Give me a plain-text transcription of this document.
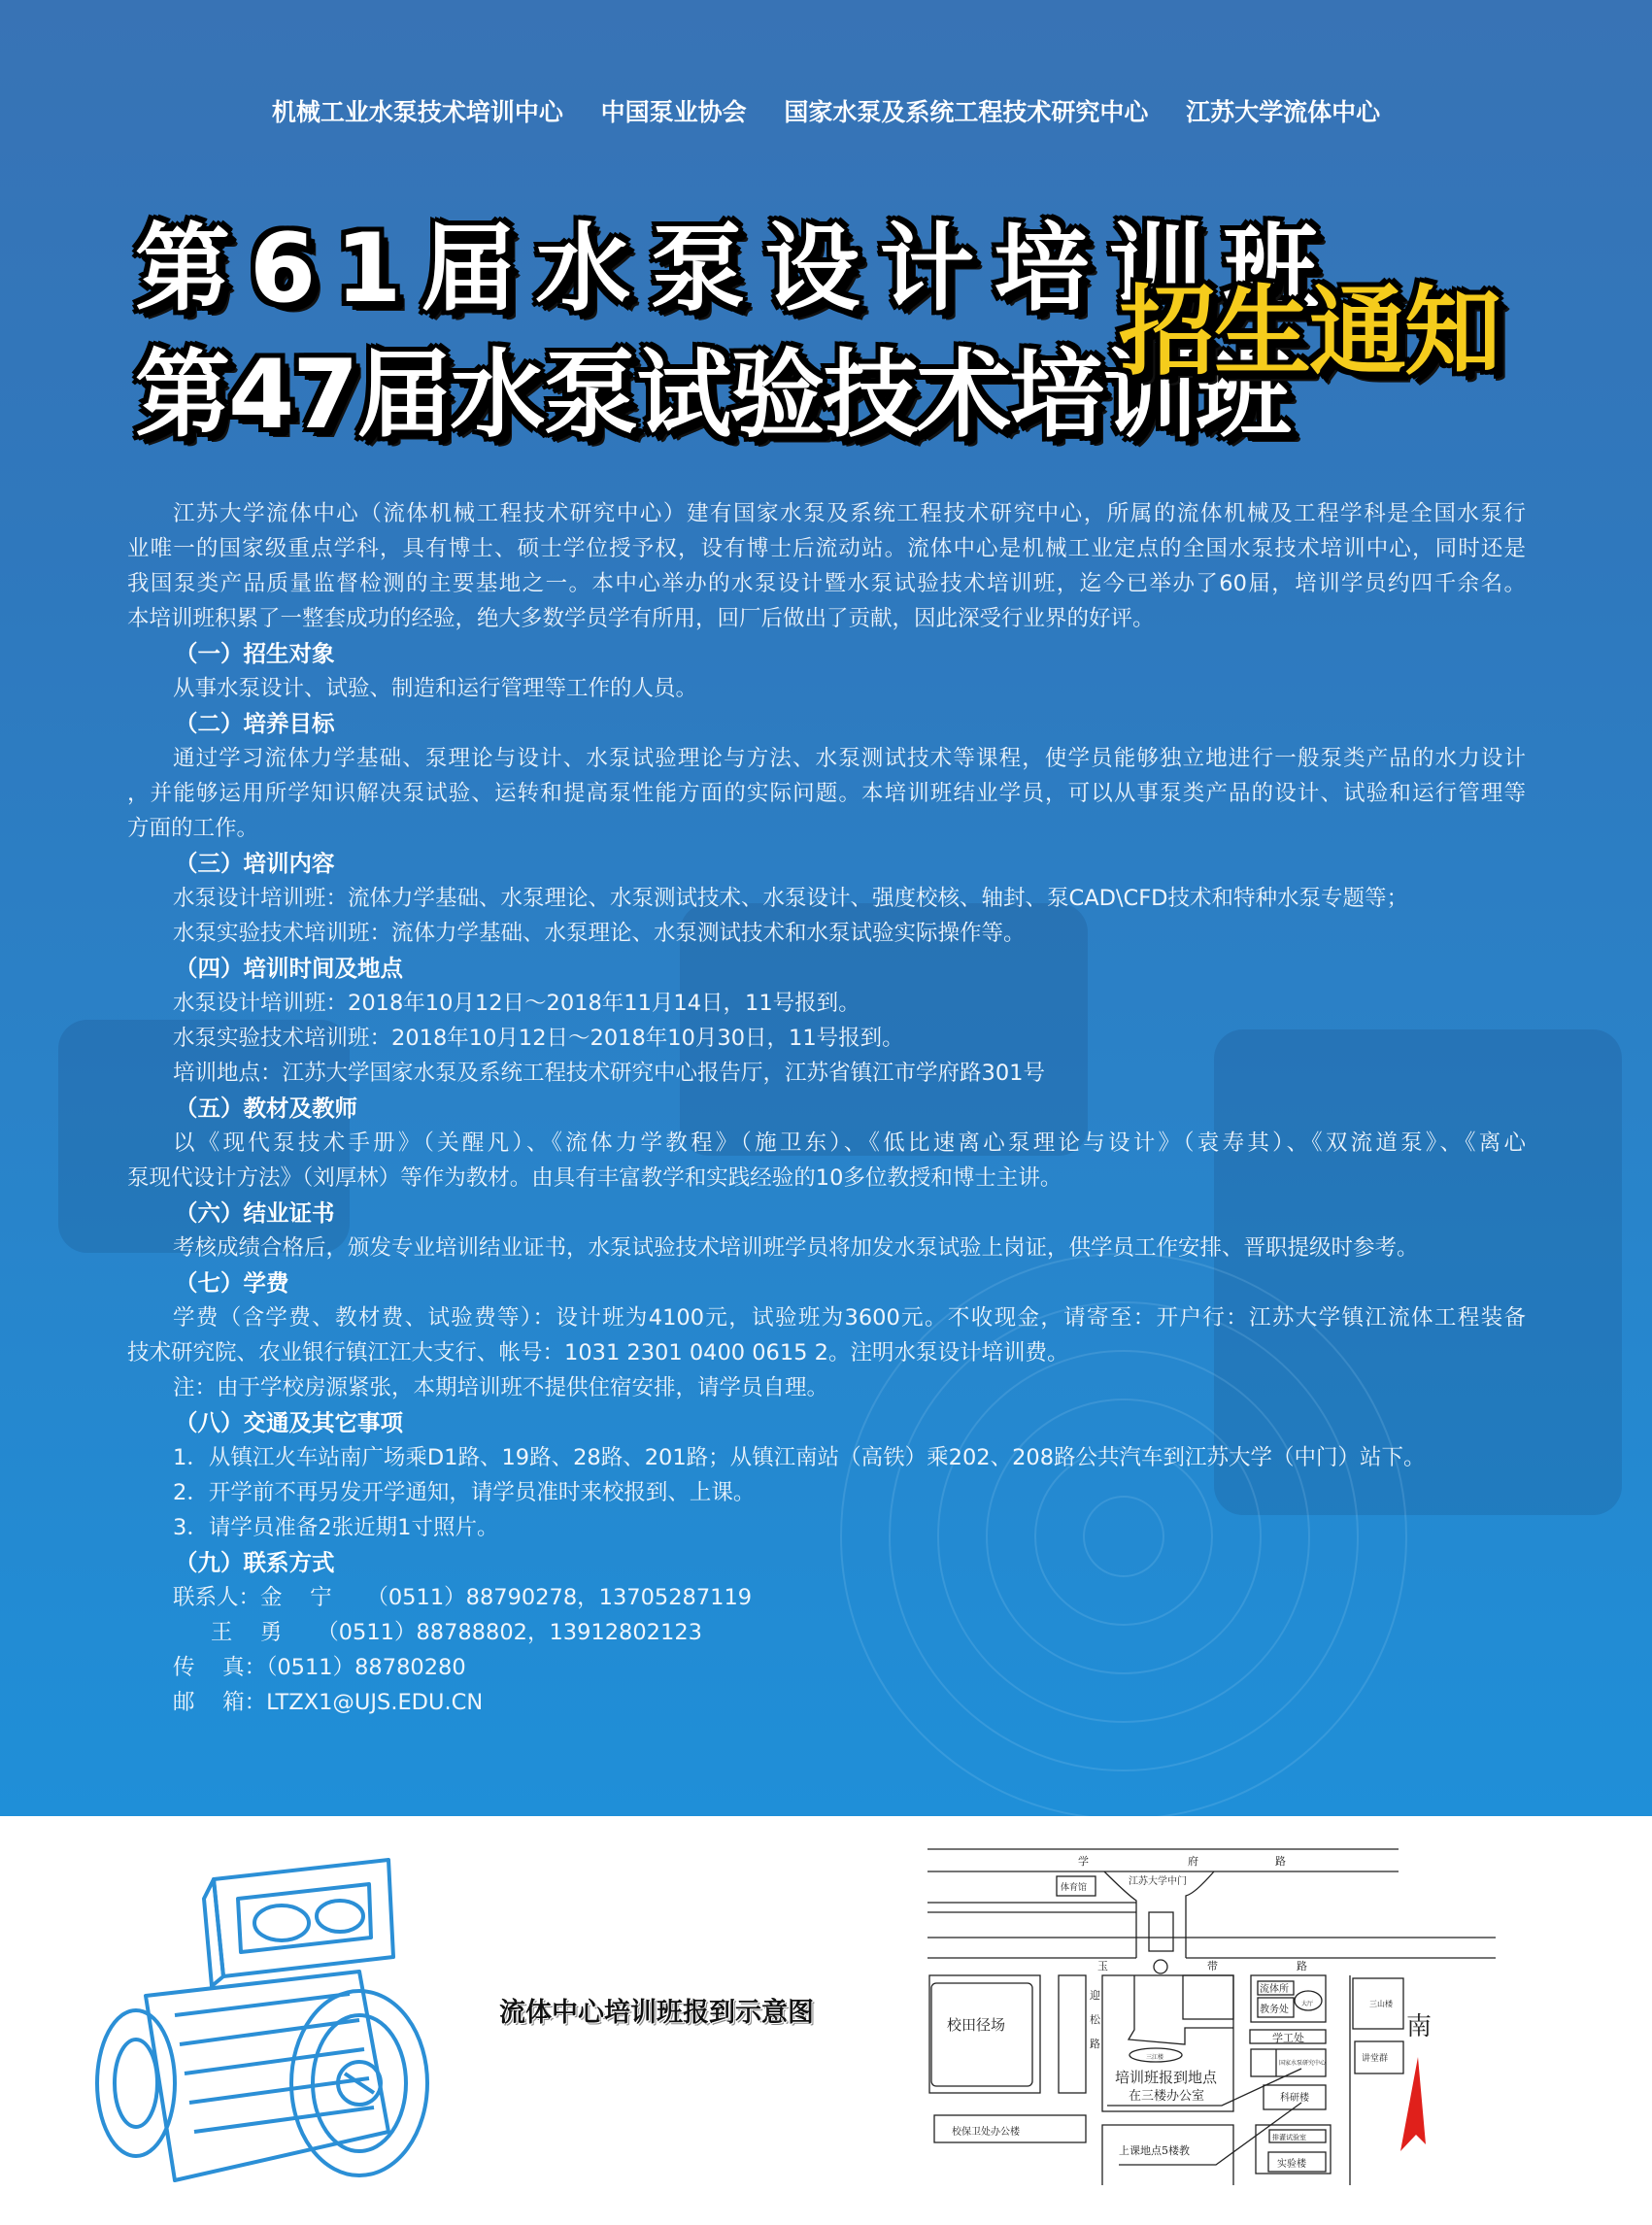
机械工业水泵技术培训中心 中国泵业协会 国家水泵及系统工程技术研究中心 江苏大学流体中心
第61届水泵设计培训班
第47届水泵试验技术培训班
招生通知
江苏大学流体中心（流体机械工程技术研究中心）建有国家水泵及系统工程技术研究中心，所属的流体机械及工程学科是全国水泵行
业唯一的国家级重点学科，具有博士、硕士学位授予权，设有博士后流动站。流体中心是机械工业定点的全国水泵技术培训中心，同时还是
我国泵类产品质量监督检测的主要基地之一。本中心举办的水泵设计暨水泵试验技术培训班，迄今已举办了60届，培训学员约四千余名。
本培训班积累了一整套成功的经验，绝大多数学员学有所用，回厂后做出了贡献，因此深受行业界的好评。
（一）招生对象
从事水泵设计、试验、制造和运行管理等工作的人员。
（二）培养目标
通过学习流体力学基础、泵理论与设计、水泵试验理论与方法、水泵测试技术等课程，使学员能够独立地进行一般泵类产品的水力设计
，并能够运用所学知识解决泵试验、运转和提高泵性能方面的实际问题。本培训班结业学员，可以从事泵类产品的设计、试验和运行管理等
方面的工作。
（三）培训内容
水泵设计培训班：流体力学基础、水泵理论、水泵测试技术、水泵设计、强度校核、轴封、泵CAD\CFD技术和特种水泵专题等；
水泵实验技术培训班：流体力学基础、水泵理论、水泵测试技术和水泵试验实际操作等。
（四）培训时间及地点
水泵设计培训班：2018年10月12日～2018年11月14日，11号报到。
水泵实验技术培训班：2018年10月12日～2018年10月30日，11号报到。
培训地点：江苏大学国家水泵及系统工程技术研究中心报告厅，江苏省镇江市学府路301号
（五）教材及教师
以《现代泵技术手册》（关醒凡）、《流体力学教程》（施卫东）、《低比速离心泵理论与设计》（袁寿其）、《双流道泵》、《离心
泵现代设计方法》（刘厚林）等作为教材。由具有丰富教学和实践经验的10多位教授和博士主讲。
（六）结业证书
考核成绩合格后，颁发专业培训结业证书，水泵试验技术培训班学员将加发水泵试验上岗证，供学员工作安排、晋职提级时参考。
（七）学费
学费（含学费、教材费、试验费等）：设计班为4100元，试验班为3600元。不收现金，请寄至：开户行：江苏大学镇江流体工程装备
技术研究院、农业银行镇江江大支行、帐号：1031 2301 0400 0615 2。注明水泵设计培训费。
注：由于学校房源紧张，本期培训班不提供住宿安排，请学员自理。
（八）交通及其它事项
1．从镇江火车站南广场乘D1路、19路、28路、201路；从镇江南站（高铁）乘202、208路公共汽车到江苏大学（中门）站下。
2．开学前不再另发开学通知，请学员准时来校报到、上课。
3．请学员准备2张近期1寸照片。
（九）联系方式
联系人：金    宁     （0511）88790278，13705287119
王    勇     （0511）88788802，13912802123
传    真：（0511）88780280
邮    箱：LTZX1@UJS.EDU.CN
流体中心培训班报到示意图
学	府	路
江苏大学中门
体育馆
玉	带	路
校田径场
迎
松
路
三江楼
培训班报到地点
在三楼办公室
流体所
教务处
大厅
学工处
国家水泵研究中心
科研楼
排灌试验室
实验楼
三山楼
讲堂群
校保卫处办公楼
上课地点5楼教
南
